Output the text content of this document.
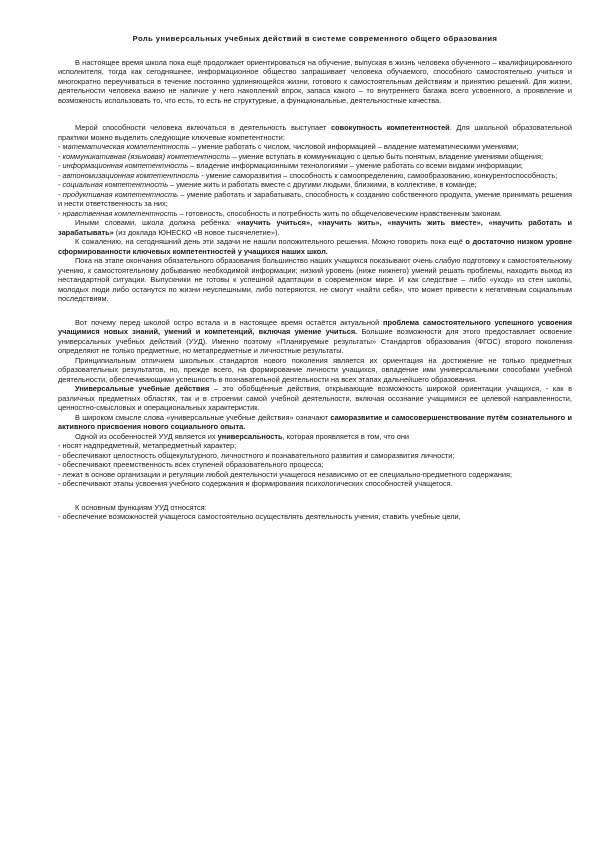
Роль универсальных учебных действий в системе современного общего образования

В настоящее время школа пока ещё продолжает ориентироваться на обучение, выпуская в жизнь человека обученного – квалифицированного исполнителя, тогда как сегодняшнее, информационное общество запрашивает человека обучаемого, способного самостоятельно учиться и многократно переучиваться в течение постоянно удлиняющейся жизни, готового к самостоятельным действиям и принятию решений. Для жизни, деятельности человека важно не наличие у него накоплений впрок, запаса какого – то внутреннего багажа всего усвоенного, а проявление и возможность использовать то, что есть, то есть не структурные, а функциональные, деятельностные качества.

Мерой способности человека включаться в деятельность выступает совокупность компетентностей. Для школьной образовательной практики можно выделить следующие ключевые компетентности:

- математическая компетентность – умение работать с числом, числовой информацией – владение математическими умениями;

- коммуникативная (языковая) компетентность – умение вступать в коммуникацию с целью быть понятым, владение умениями общения;

- информационная компетентность – владение информационными технологиями – умение работать со всеми видами информации;

- автономизационная компетентность - умение саморазвития – способность к самоопределению, самообразованию, конкурентоспособность;

- социальная компетентность – умение жить и работать вместе с другими людьми, близкими, в коллективе, в команде;

- продуктивная компетентность – умение работать и зарабатывать, способность к созданию собственного продукта, умение принимать решения и нести ответственность за них;

- нравственная компетентность – готовность, способность и потребность жить по общечеловеческим нравственным законам.

Иными словами, школа должна ребёнка: «научить учиться», «научить жить», «научить жить вместе», «научить работать и зарабатывать» (из доклада ЮНЕСКО «В новое тысячелетие»).

К сожалению, на сегодняшний день эти задачи не нашли положительного решения. Можно говорить пока ещё о достаточно низком уровне сформированности ключевых компетентностей у учащихся наших школ.

Пока на этапе окончания обязательного образования большинство наших учащихся показывают очень слабую подготовку к самостоятельному учению, к самостоятельному добыванию необходимой информации; низкий уровень (ниже нижнего) умений решать проблемы, находить выход из нестандартной ситуации. Выпускники не готовы к успешной адаптации в современном мире. И как следствие – либо «уход» из стен школы, молодых люди либо останутся по жизни неуспешными, либо потеряются, не смогут «найти себя», что может привести к негативным социальным последствиям.

Вот почему перед школой остро встала и в настоящее время остаётся актуальной проблема самостоятельного успешного усвоения учащимися новых знаний, умений и компетенций, включая умение учиться. Большие возможности для этого предоставляет освоение универсальных учебных действий (УУД). Именно поэтому «Планируемые результаты» Стандартов образования (ФГОС) второго поколения определяют не только предметные, но метапредметные и личностные результаты.

Принципиальным отличием школьных стандартов нового поколения является их ориентация на достижение не только предметных образовательных результатов, но, прежде всего, на формирование личности учащихся, овладение ими универсальными способами учебной деятельности, обеспечивающими успешность в познавательной деятельности на всех этапах дальнейшего образования.

Универсальные учебные действия – это обобщённые действия, открывающие возможность широкой ориентации учащихся, - как в различных предметных областях, так и в строении самой учебной деятельности, включая осознание учащимися ее целевой направленности, ценностно-смысловых и операциональных характеристик.

В широком смысле слова «универсальные учебные действия» означают саморазвитие и самосовершенствование путём сознательного и активного присвоения нового социального опыта.

Одной из особенностей УУД является их универсальность, которая проявляется в том, что они

- носят надпредметный, метапредметный характер;

- обеспечивают целостность общекультурного, личностного и познавательного развития и саморазвития личности;

- обеспечивают преемственность всех ступеней образовательного процесса;

- лежат в основе организации и регуляции любой деятельности учащегося независимо от ее специально-предметного содержания;

- обеспечивают этапы усвоения учебного содержания и формирования психологических способностей учащегося.

К основным функциям УУД относятся:

- обеспечение возможностей учащегося самостоятельно осуществлять деятельность учения, ставить учебные цели,
